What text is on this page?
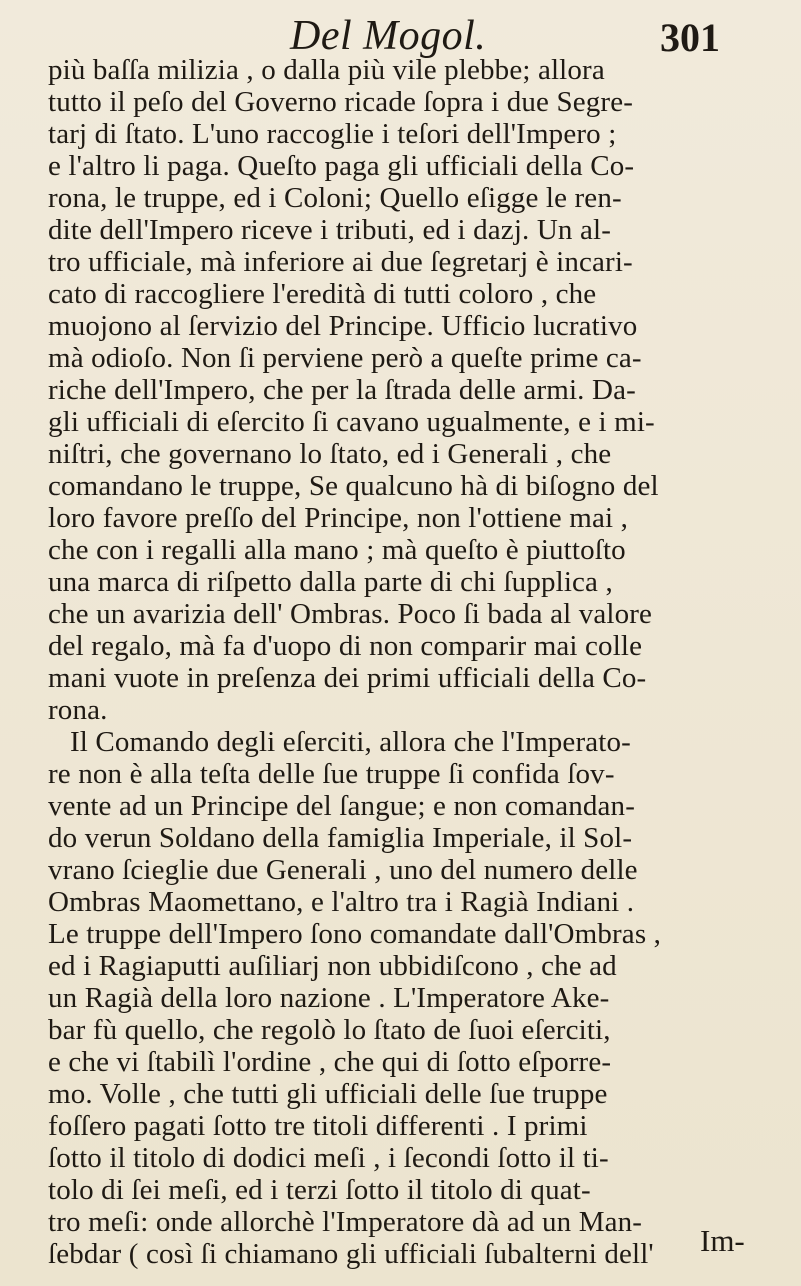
Del Mogol.	301
più baſſa milizia , o dalla più vile plebbe; allora
tutto il peſo del Governo ricade ſopra i due Segre-
tarj di ſtato. L'uno raccoglie i teſori dell'Impero ;
e l'altro li paga. Queſto paga gli ufficiali della Co-
rona, le truppe, ed i Coloni; Quello eſigge le ren-
dite dell'Impero riceve i tributi, ed i dazj. Un al-
tro ufficiale, mà inferiore ai due ſegretarj è incari-
cato di raccogliere l'eredità di tutti coloro , che
muojono al ſervizio del Principe. Ufficio lucrativo
mà odioſo. Non ſi perviene però a queſte prime ca-
riche dell'Impero, che per la ſtrada delle armi. Da-
gli ufficiali di eſercito ſi cavano ugualmente, e i mi-
niſtri, che governano lo ſtato, ed i Generali , che
comandano le truppe, Se qualcuno hà di biſogno del
loro favore preſſo del Principe, non l'ottiene mai ,
che con i regalli alla mano ; mà queſto è piuttoſto
una marca di riſpetto dalla parte di chi ſupplica ,
che un avarizia dell' Ombras. Poco ſi bada al valore
del regalo, mà fa d'uopo di non comparir mai colle
mani vuote in preſenza dei primi ufficiali della Co-
rona.
Il Comando degli eſerciti, allora che l'Imperato-
re non è alla teſta delle ſue truppe ſi confida ſov-
vente ad un Principe del ſangue; e non comandan-
do verun Soldano della famiglia Imperiale, il Sol-
vrano ſcieglie due Generali , uno del numero delle
Ombras Maomettano, e l'altro tra i Ragià Indiani .
Le truppe dell'Impero ſono comandate dall'Ombras ,
ed i Ragiaputti auſiliarj non ubbidiſcono , che ad
un Ragià della loro nazione . L'Imperatore Ake-
bar fù quello, che regolò lo ſtato de ſuoi eſerciti,
e che vi ſtabilì l'ordine , che qui di ſotto eſporre-
mo. Volle , che tutti gli ufficiali delle ſue truppe
foſſero pagati ſotto tre titoli differenti . I primi
ſotto il titolo di dodici meſi , i ſecondi ſotto il ti-
tolo di ſei meſi, ed i terzi ſotto il titolo di quat-
tro meſi: onde allorchè l'Imperatore dà ad un Man-
ſebdar ( così ſi chiamano gli ufficiali ſubalterni dell' Im-
